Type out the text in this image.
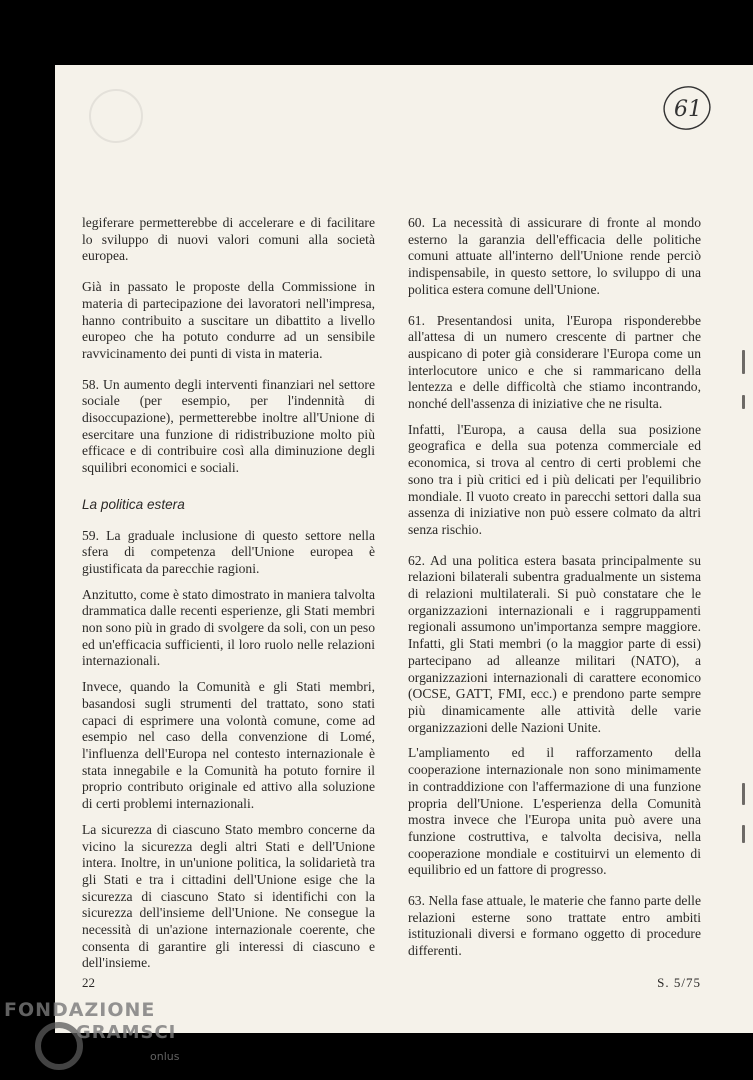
61

legiferare permetterebbe di accelerare e di facilitare lo sviluppo di nuovi valori comuni alla società europea.

Già in passato le proposte della Commissione in materia di partecipazione dei lavoratori nell'impresa, hanno contribuito a suscitare un dibattito a livello europeo che ha potuto condurre ad un sensibile ravvicinamento dei punti di vista in materia.

58. Un aumento degli interventi finanziari nel settore sociale (per esempio, per l'indennità di disoccupazione), permetterebbe inoltre all'Unione di esercitare una funzione di ridistribuzione molto più efficace e di contribuire così alla diminuzione degli squilibri economici e sociali.

La politica estera

59. La graduale inclusione di questo settore nella sfera di competenza dell'Unione europea è giustificata da parecchie ragioni.

Anzitutto, come è stato dimostrato in maniera talvolta drammatica dalle recenti esperienze, gli Stati membri non sono più in grado di svolgere da soli, con un peso ed un'efficacia sufficienti, il loro ruolo nelle relazioni internazionali.

Invece, quando la Comunità e gli Stati membri, basandosi sugli strumenti del trattato, sono stati capaci di esprimere una volontà comune, come ad esempio nel caso della convenzione di Lomé, l'influenza dell'Europa nel contesto internazionale è stata innegabile e la Comunità ha potuto fornire il proprio contributo originale ed attivo alla soluzione di certi problemi internazionali.

La sicurezza di ciascuno Stato membro concerne da vicino la sicurezza degli altri Stati e dell'Unione intera. Inoltre, in un'unione politica, la solidarietà tra gli Stati e tra i cittadini dell'Unione esige che la sicurezza di ciascuno Stato si identifichi con la sicurezza dell'insieme dell'Unione. Ne consegue la necessità di un'azione internazionale coerente, che consenta di garantire gli interessi di ciascuno e dell'insieme.

60. La necessità di assicurare di fronte al mondo esterno la garanzia dell'efficacia delle politiche comuni attuate all'interno dell'Unione rende perciò indispensabile, in questo settore, lo sviluppo di una politica estera comune dell'Unione.

61. Presentandosi unita, l'Europa risponderebbe all'attesa di un numero crescente di partner che auspicano di poter già considerare l'Europa come un interlocutore unico e che si rammaricano della lentezza e delle difficoltà che stiamo incontrando, nonché dell'assenza di iniziative che ne risulta.

Infatti, l'Europa, a causa della sua posizione geografica e della sua potenza commerciale ed economica, si trova al centro di certi problemi che sono tra i più critici ed i più delicati per l'equilibrio mondiale. Il vuoto creato in parecchi settori dalla sua assenza di iniziative non può essere colmato da altri senza rischio.

62. Ad una politica estera basata principalmente su relazioni bilaterali subentra gradualmente un sistema di relazioni multilaterali. Si può constatare che le organizzazioni internazionali e i raggruppamenti regionali assumono un'importanza sempre maggiore. Infatti, gli Stati membri (o la maggior parte di essi) partecipano ad alleanze militari (NATO), a organizzazioni internazionali di carattere economico (OCSE, GATT, FMI, ecc.) e prendono parte sempre più dinamicamente alle attività delle varie organizzazioni delle Nazioni Unite.

L'ampliamento ed il rafforzamento della cooperazione internazionale non sono minimamente in contraddizione con l'affermazione di una funzione propria dell'Unione. L'esperienza della Comunità mostra invece che l'Europa unita può avere una funzione costruttiva, e talvolta decisiva, nella cooperazione mondiale e costituirvi un elemento di equilibrio ed un fattore di progresso.

63. Nella fase attuale, le materie che fanno parte delle relazioni esterne sono trattate entro ambiti istituzionali diversi e formano oggetto di procedure differenti.

22	S. 5/75
FONDAZIONE
GRAMSCI
onlus
